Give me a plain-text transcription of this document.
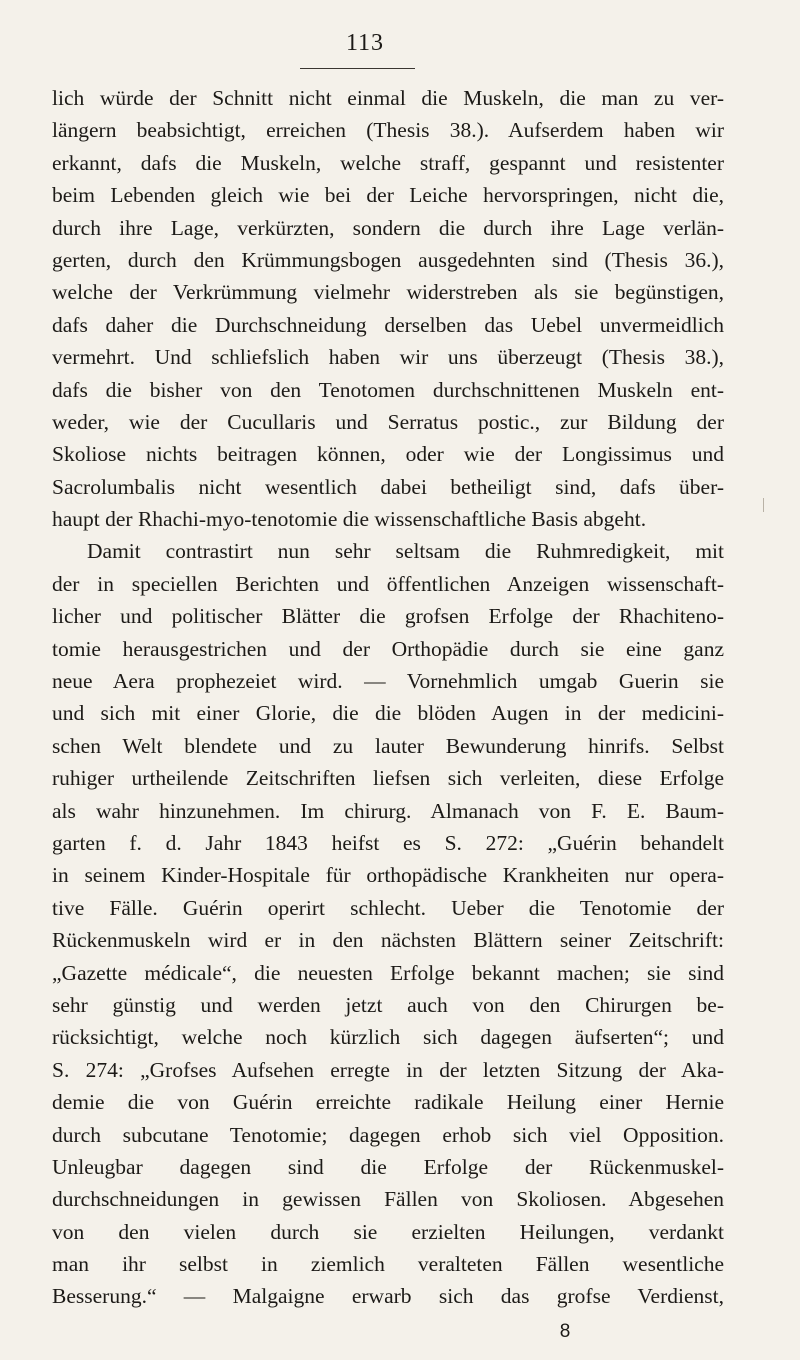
113
lich würde der Schnitt nicht einmal die Muskeln, die man zu ver-
längern beabsichtigt, erreichen (Thesis 38.). Aufserdem haben wir
erkannt, dafs die Muskeln, welche straff, gespannt und resistenter
beim Lebenden gleich wie bei der Leiche hervorspringen, nicht die,
durch ihre Lage, verkürzten, sondern die durch ihre Lage verlän-
gerten, durch den Krümmungsbogen ausgedehnten sind (Thesis 36.),
welche der Verkrümmung vielmehr widerstreben als sie begünstigen,
dafs daher die Durchschneidung derselben das Uebel unvermeidlich
vermehrt. Und schliefslich haben wir uns überzeugt (Thesis 38.),
dafs die bisher von den Tenotomen durchschnittenen Muskeln ent-
weder, wie der Cucullaris und Serratus postic., zur Bildung der
Skoliose nichts beitragen können, oder wie der Longissimus und
Sacrolumbalis nicht wesentlich dabei betheiligt sind, dafs über-
haupt der Rhachi-myo-tenotomie die wissenschaftliche Basis abgeht.
Damit contrastirt nun sehr seltsam die Ruhmredigkeit, mit
der in speciellen Berichten und öffentlichen Anzeigen wissenschaft-
licher und politischer Blätter die grofsen Erfolge der Rhachiteno-
tomie herausgestrichen und der Orthopädie durch sie eine ganz
neue Aera prophezeiet wird. — Vornehmlich umgab Guerin sie
und sich mit einer Glorie, die die blöden Augen in der medicini-
schen Welt blendete und zu lauter Bewunderung hinrifs. Selbst
ruhiger urtheilende Zeitschriften liefsen sich verleiten, diese Erfolge
als wahr hinzunehmen. Im chirurg. Almanach von F. E. Baum-
garten f. d. Jahr 1843 heifst es S. 272: „Guérin behandelt
in seinem Kinder-Hospitale für orthopädische Krankheiten nur opera-
tive Fälle. Guérin operirt schlecht. Ueber die Tenotomie der
Rückenmuskeln wird er in den nächsten Blättern seiner Zeitschrift:
„Gazette médicale“, die neuesten Erfolge bekannt machen; sie sind
sehr günstig und werden jetzt auch von den Chirurgen be-
rücksichtigt, welche noch kürzlich sich dagegen äufserten“; und
S. 274: „Grofses Aufsehen erregte in der letzten Sitzung der Aka-
demie die von Guérin erreichte radikale Heilung einer Hernie
durch subcutane Tenotomie; dagegen erhob sich viel Opposition.
Unleugbar dagegen sind die Erfolge der Rückenmuskel-
durchschneidungen in gewissen Fällen von Skoliosen. Abgesehen
von den vielen durch sie erzielten Heilungen, verdankt
man ihr selbst in ziemlich veralteten Fällen wesentliche
Besserung.“ — Malgaigne erwarb sich das grofse Verdienst,
8
